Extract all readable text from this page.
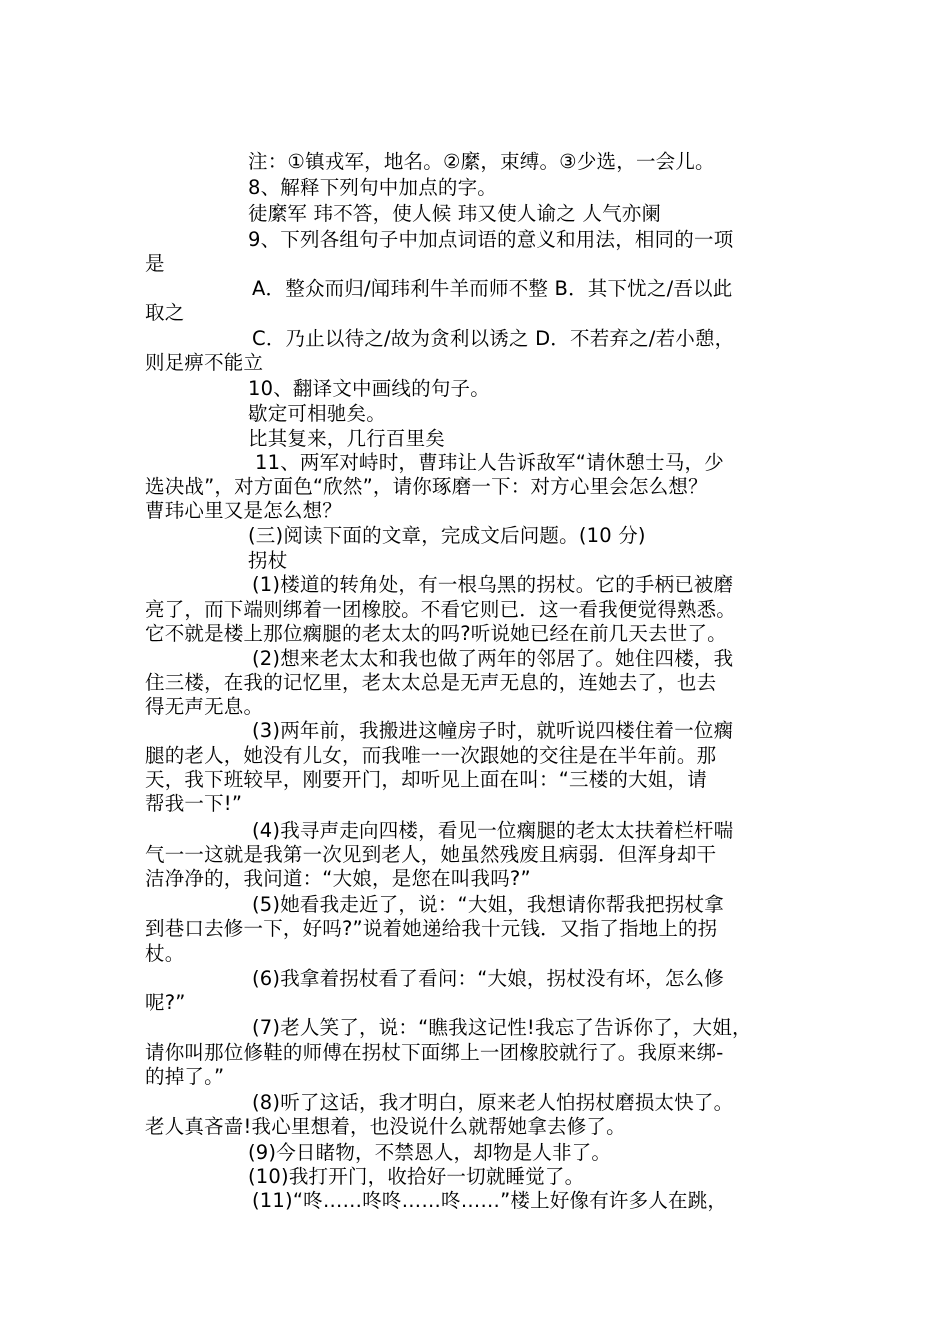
注：①镇戎军，地名。②縻，束缚。③少选，一会儿。
8、解释下列句中加点的字。
徒縻军 玮不答，使人候 玮又使人谕之 人气亦阑
9、下列各组句子中加点词语的意义和用法，相同的一项
是
A．整众而归/闻玮利牛羊而师不整 B．其下忧之/吾以此
取之
C．乃止以待之/故为贪利以诱之 D．不若弃之/若小憩，
则足痹不能立
10、翻译文中画线的句子。
歇定可相驰矣。
比其复来，几行百里矣
11、两军对峙时，曹玮让人告诉敌军“请休憩士马，少
选决战”，对方面色“欣然”，请你琢磨一下：对方心里会怎么想？
曹玮心里又是怎么想？
(三)阅读下面的文章，完成文后问题。(10 分)
拐杖
(1)楼道的转角处，有一根乌黑的拐杖。它的手柄已被磨
亮了，而下端则绑着一团橡胶。不看它则已．这一看我便觉得熟悉。
它不就是楼上那位瘸腿的老太太的吗?听说她已经在前几天去世了。
(2)想来老太太和我也做了两年的邻居了。她住四楼，我
住三楼，在我的记忆里，老太太总是无声无息的，连她去了，也去
得无声无息。
(3)两年前，我搬进这幢房子时，就听说四楼住着一位瘸
腿的老人，她没有儿女，而我唯一一次跟她的交往是在半年前。那
天，我下班较早，刚要开门，却听见上面在叫：“三楼的大姐，请
帮我一下!”
(4)我寻声走向四楼，看见一位瘸腿的老太太扶着栏杆喘
气一一这就是我第一次见到老人，她虽然残废且病弱．但浑身却干
洁净净的，我问道：“大娘，是您在叫我吗?”
(5)她看我走近了，说：“大姐，我想请你帮我把拐杖拿
到巷口去修一下，好吗?”说着她递给我十元钱．又指了指地上的拐
杖。
(6)我拿着拐杖看了看问：“大娘，拐杖没有坏，怎么修
呢?”
(7)老人笑了，说：“瞧我这记性!我忘了告诉你了，大姐，
请你叫那位修鞋的师傅在拐杖下面绑上一团橡胶就行了。我原来绑-
的掉了。”
(8)听了这话，我才明白，原来老人怕拐杖磨损太快了。
老人真吝啬!我心里想着，也没说什么就帮她拿去修了。
(9)今日睹物，不禁恩人，却物是人非了。
(10)我打开门，收拾好一切就睡觉了。
(11)“咚……咚咚……咚……”楼上好像有许多人在跳，
